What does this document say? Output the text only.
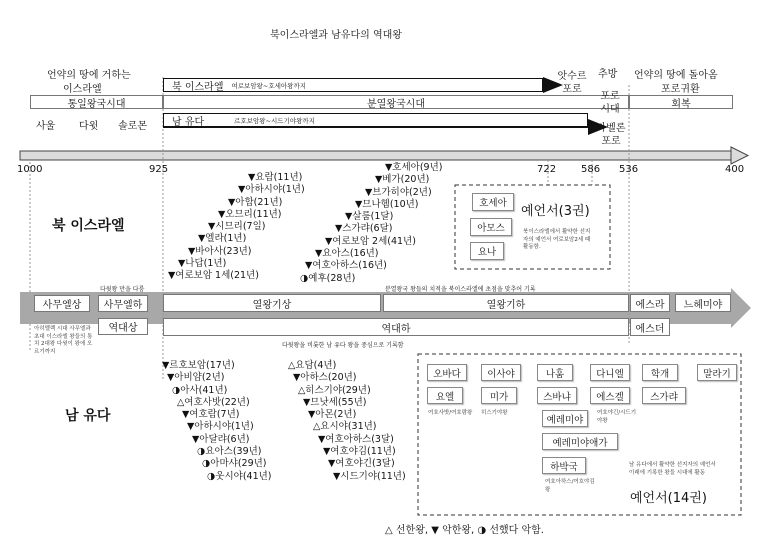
북이스라엘과 남유다의 역대왕
언약의 땅에 거하는
이스라엘
통일왕국시대
북 이스라엘 여로보암왕~호세아왕까지
분열왕국시대
남 유다	르호보암왕~시드기야왕까지
앗수르 포로
추방
포로 시대
바벨론 포로
언약의 땅에 돌아옴
포로귀환
회복
사울 다윗 솔로몬
1000	925	722 586 536	400
북 이스라엘
남 유다
▼요람(11년)
▼아하시야(1년)
▼아합(21년)
▼오므리(11년)
▼시므리(7일)
▼엘라(1년)
▼바아사(23년)
▼나답(1년)
▼여로보암 1세(21년)
▼호세아(9년)
▼베가(20년)
▼브가히야(2년)
▼므나헴(10년)
▼살룸(1달)
▼스가랴(6달)
▼여로보암 2세(41년)
▼요아스(16년)
▼여호아하스(16년)
◑예후(28년)
호세아
아모스
요나
예언서(3권)
북이스라엘에서 활약한 선지자의 예언서 여로보암2세 때 활동함.
다윗왕 만을 다룸
사무엘상	사무엘하
역대상
열왕기상
분열왕국 왕들의 치적을 북이스라엘에 초점을 맞추어 기록
열왕기하
역대하
다윗왕을 비롯한 남 유다 왕을 중심으로 기록함
에스라	느헤미야
에스더
아히멜렉 시대 사무엘과 초대 이스라엘 왕들의 통치 2대왕 다윗이 왕에 오르기까지
▼르호보암(17년)
▼아비얌(2년)
◑아사(41년)
△여호사밧(22년)
▼여호람(7년)
▼아하시야(1년)
▼아달랴(6년)
◑요아스(39년)
◑아마샤(29년)
◑웃시야(41년)
△요담(4년)
▼아하스(20년)
△히스기야(29년)
▼므낫세(55년)
▼아몬(2년)
△요시야(31년)
▼여호아하스(3달)
▼여호야김(11년)
▼여호야긴(3달)
▼시드기야(11년)
오바다	이사야	나훔	다니엘	학개	말라기
요엘	미가	스바냐	에스겔	스가랴
예레미야
예레미야애가
하박국
여호사밧/여호람왕	히스기야왕	여호야긴/시드기야왕
여호아하스/여호야김왕
남 유다에서 활약한 선지자의 예언서 이래에 기록한 왕들 시대에 활동
예언서(14권)
△ 선한왕, ▼ 악한왕, ◑ 선했다 악함.
